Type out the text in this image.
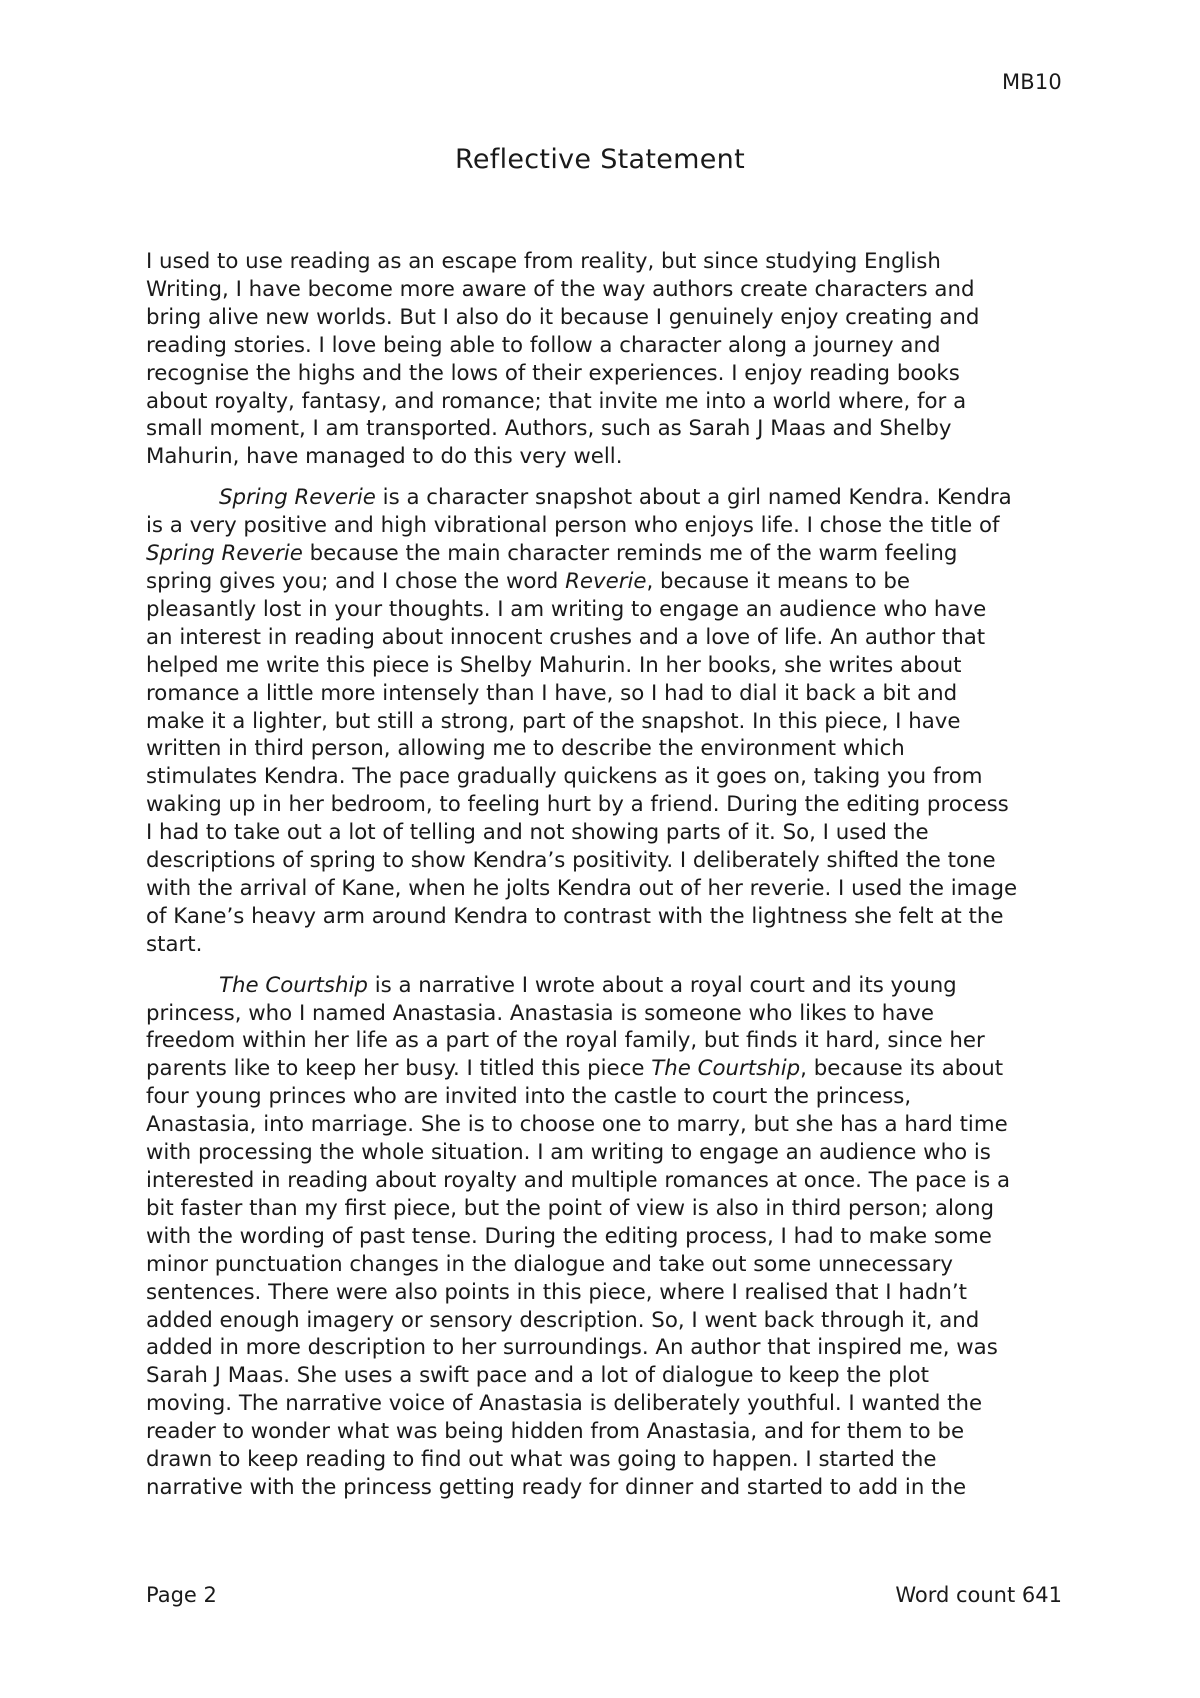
MB10
Reflective Statement
I used to use reading as an escape from reality, but since studying English
Writing, I have become more aware of the way authors create characters and
bring alive new worlds. But I also do it because I genuinely enjoy creating and
reading stories. I love being able to follow a character along a journey and
recognise the highs and the lows of their experiences. I enjoy reading books
about royalty, fantasy, and romance; that invite me into a world where, for a
small moment, I am transported. Authors, such as Sarah J Maas and Shelby
Mahurin, have managed to do this very well.
Spring Reverie is a character snapshot about a girl named Kendra. Kendra
is a very positive and high vibrational person who enjoys life. I chose the title of
Spring Reverie because the main character reminds me of the warm feeling
spring gives you; and I chose the word Reverie, because it means to be
pleasantly lost in your thoughts. I am writing to engage an audience who have
an interest in reading about innocent crushes and a love of life. An author that
helped me write this piece is Shelby Mahurin. In her books, she writes about
romance a little more intensely than I have, so I had to dial it back a bit and
make it a lighter, but still a strong, part of the snapshot. In this piece, I have
written in third person, allowing me to describe the environment which
stimulates Kendra. The pace gradually quickens as it goes on, taking you from
waking up in her bedroom, to feeling hurt by a friend. During the editing process
I had to take out a lot of telling and not showing parts of it. So, I used the
descriptions of spring to show Kendra’s positivity. I deliberately shifted the tone
with the arrival of Kane, when he jolts Kendra out of her reverie. I used the image
of Kane’s heavy arm around Kendra to contrast with the lightness she felt at the
start.
The Courtship is a narrative I wrote about a royal court and its young
princess, who I named Anastasia. Anastasia is someone who likes to have
freedom within her life as a part of the royal family, but finds it hard, since her
parents like to keep her busy. I titled this piece The Courtship, because its about
four young princes who are invited into the castle to court the princess,
Anastasia, into marriage. She is to choose one to marry, but she has a hard time
with processing the whole situation. I am writing to engage an audience who is
interested in reading about royalty and multiple romances at once. The pace is a
bit faster than my first piece, but the point of view is also in third person; along
with the wording of past tense. During the editing process, I had to make some
minor punctuation changes in the dialogue and take out some unnecessary
sentences. There were also points in this piece, where I realised that I hadn’t
added enough imagery or sensory description. So, I went back through it, and
added in more description to her surroundings. An author that inspired me, was
Sarah J Maas. She uses a swift pace and a lot of dialogue to keep the plot
moving. The narrative voice of Anastasia is deliberately youthful. I wanted the
reader to wonder what was being hidden from Anastasia, and for them to be
drawn to keep reading to find out what was going to happen. I started the
narrative with the princess getting ready for dinner and started to add in the
Page 2	Word count 641
